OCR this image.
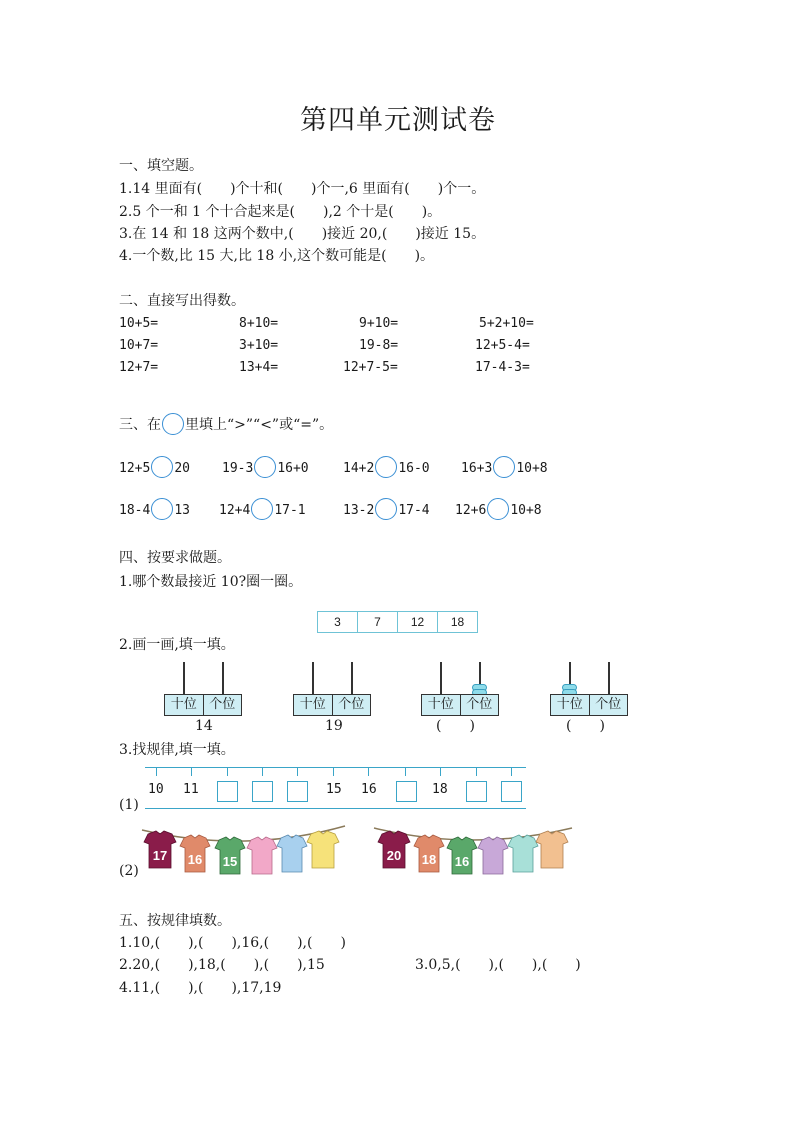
第四单元测试卷
一、填空题。
1.14 里面有(　　)个十和(　　)个一,6 里面有(　　)个一。
2.5 个一和 1 个十合起来是(　　),2 个十是(　　)。
3.在 14 和 18 这两个数中,(　　)接近 20,(　　)接近 15。
4.一个数,比 15 大,比 18 小,这个数可能是(　　)。
二、直接写出得数。
10+5=	8+10=	9+10=	5+2+10=
10+7=	3+10=	19-8=	12+5-4=
12+7=	13+4=	12+7-5=	17-4-3=
三、在 里填上“>”“<”或“=”。
12+5 20 19-3 16+0	14+2 16-0 16+3 10+8
18-4 13 12+4 17-1	13-2 17-4 12+6 10+8
四、按要求做题。
1.哪个数最接近 10?圈一圈。
3	7	12	18
2.画一画,填一填。
十位 个位
14
十位 个位
19
十位 个位
(　　)
十位 个位
(　　)
3.找规律,填一填。
(1)
10 11	15 16	18
(2)
17 16 15	20 18 16
五、按规律填数。
1.10,(　　),(　　),16,(　　),(　　)
2.20,(　　),18,(　　),(　　),15	3.0,5,(　　),(　　),(　　)
4.11,(　　),(　　),17,19
